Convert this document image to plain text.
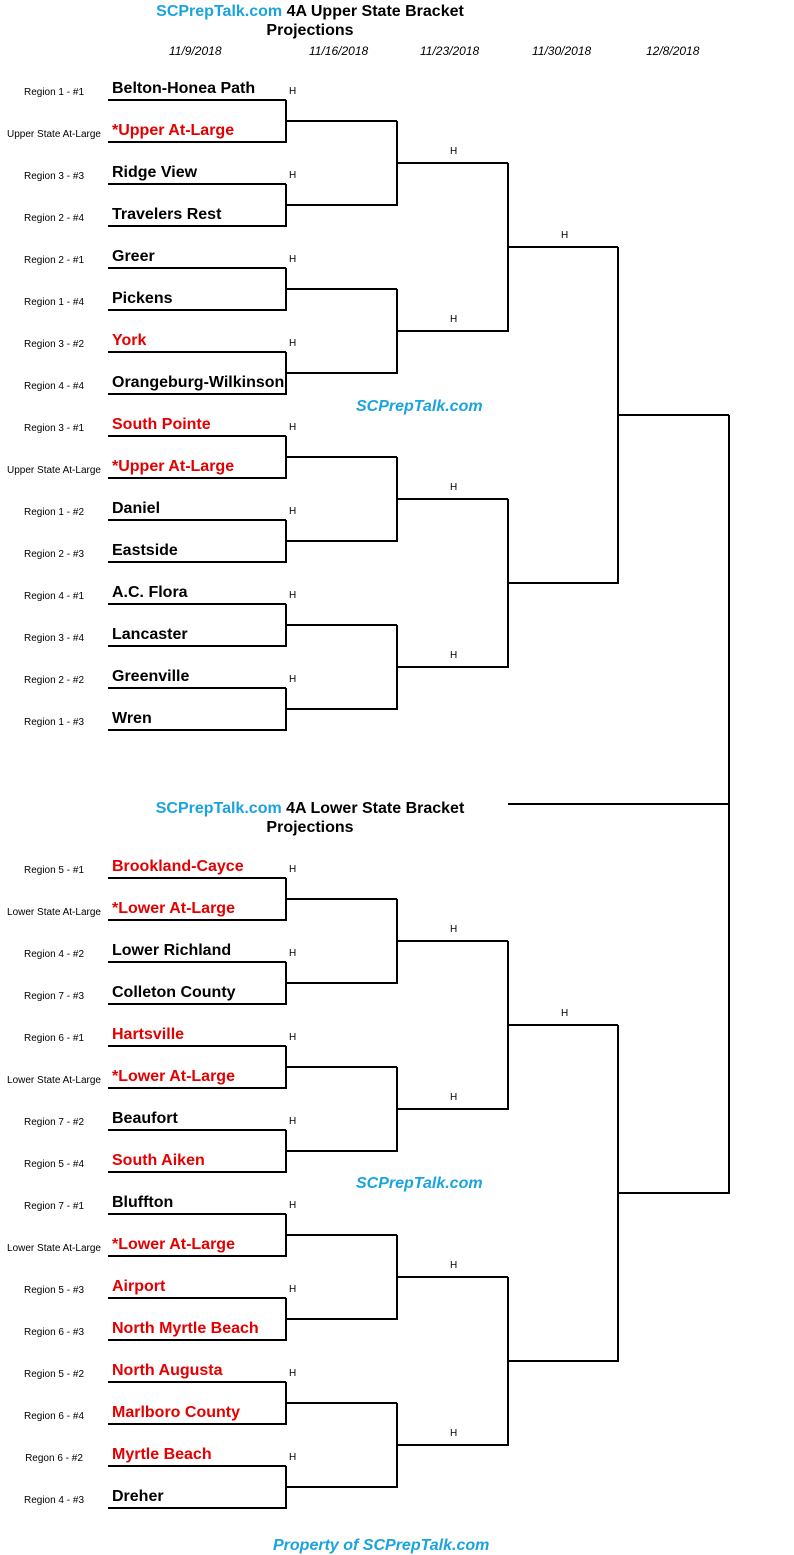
SCPrepTalk.com 4A Upper State Bracket
Projections
SCPrepTalk.com 4A Lower State Bracket
Projections
11/9/2018	11/16/2018	11/23/2018	11/30/2018	12/8/2018
Region 1 - #1	Belton-Honea Path	H
Upper State At-Large *Upper At-Large
Region 3 - #3	Ridge View	H
Region 2 - #4	Travelers Rest
Region 2 - #1	Greer	H
Region 1 - #4	Pickens
Region 3 - #2	York	H
Region 4 - #4	Orangeburg-Wilkinson
Region 3 - #1	South Pointe	H
Upper State At-Large *Upper At-Large
Region 1 - #2	Daniel	H
Region 2 - #3	Eastside
Region 4 - #1	A.C. Flora	H
Region 3 - #4	Lancaster
Region 2 - #2	Greenville	H
Region 1 - #3	Wren
H
H
H
H
H
Region 5 - #1	Brookland-Cayce	H
Lower State At-Large *Lower At-Large
Region 4 - #2	Lower Richland	H
Region 7 - #3	Colleton County
Region 6 - #1	Hartsville	H
Lower State At-Large *Lower At-Large
Region 7 - #2	Beaufort	H
Region 5 - #4	South Aiken
Region 7 - #1	Bluffton	H
Lower State At-Large *Lower At-Large
Region 5 - #3	Airport	H
Region 6 - #3	North Myrtle Beach
Region 5 - #2	North Augusta	H
Region 6 - #4	Marlboro County
Regon 6 - #2	Myrtle Beach	H
Region 4 - #3	Dreher
H
H
H
H
H
SCPrepTalk.com
SCPrepTalk.com
Property of SCPrepTalk.com
